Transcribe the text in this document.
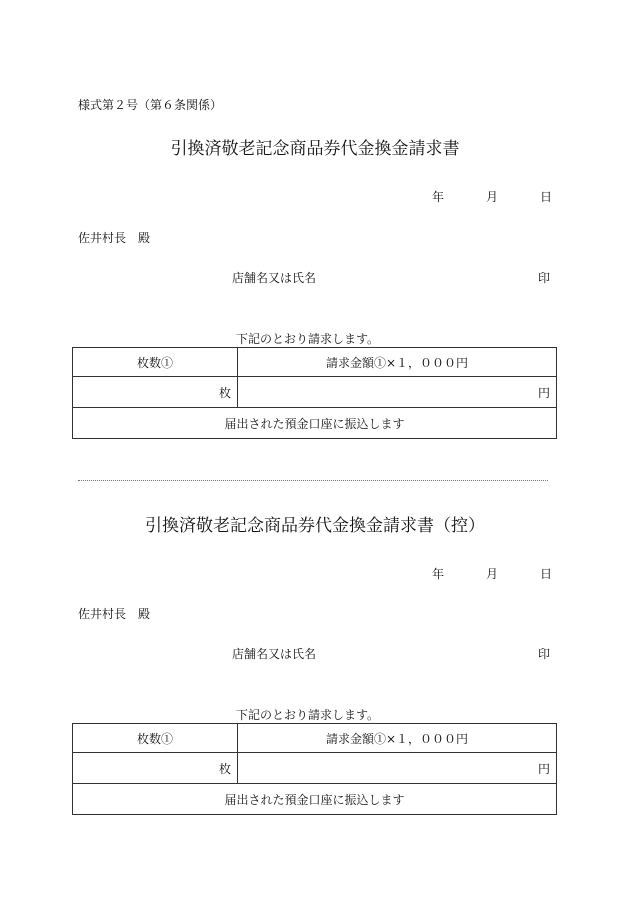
様式第２号（第６条関係）
引換済敬老記念商品券代金換金請求書
年	月	日
佐井村長　殿
店舗名又は氏名	印
下記のとおり請求します。
枚数①	請求金額①×１，０００円
枚	円
届出された預金口座に振込します	
引換済敬老記念商品券代金換金請求書（控）
年	月	日
佐井村長　殿
店舗名又は氏名	印
下記のとおり請求します。
枚数①	請求金額①×１，０００円
枚	円
届出された預金口座に振込します	
